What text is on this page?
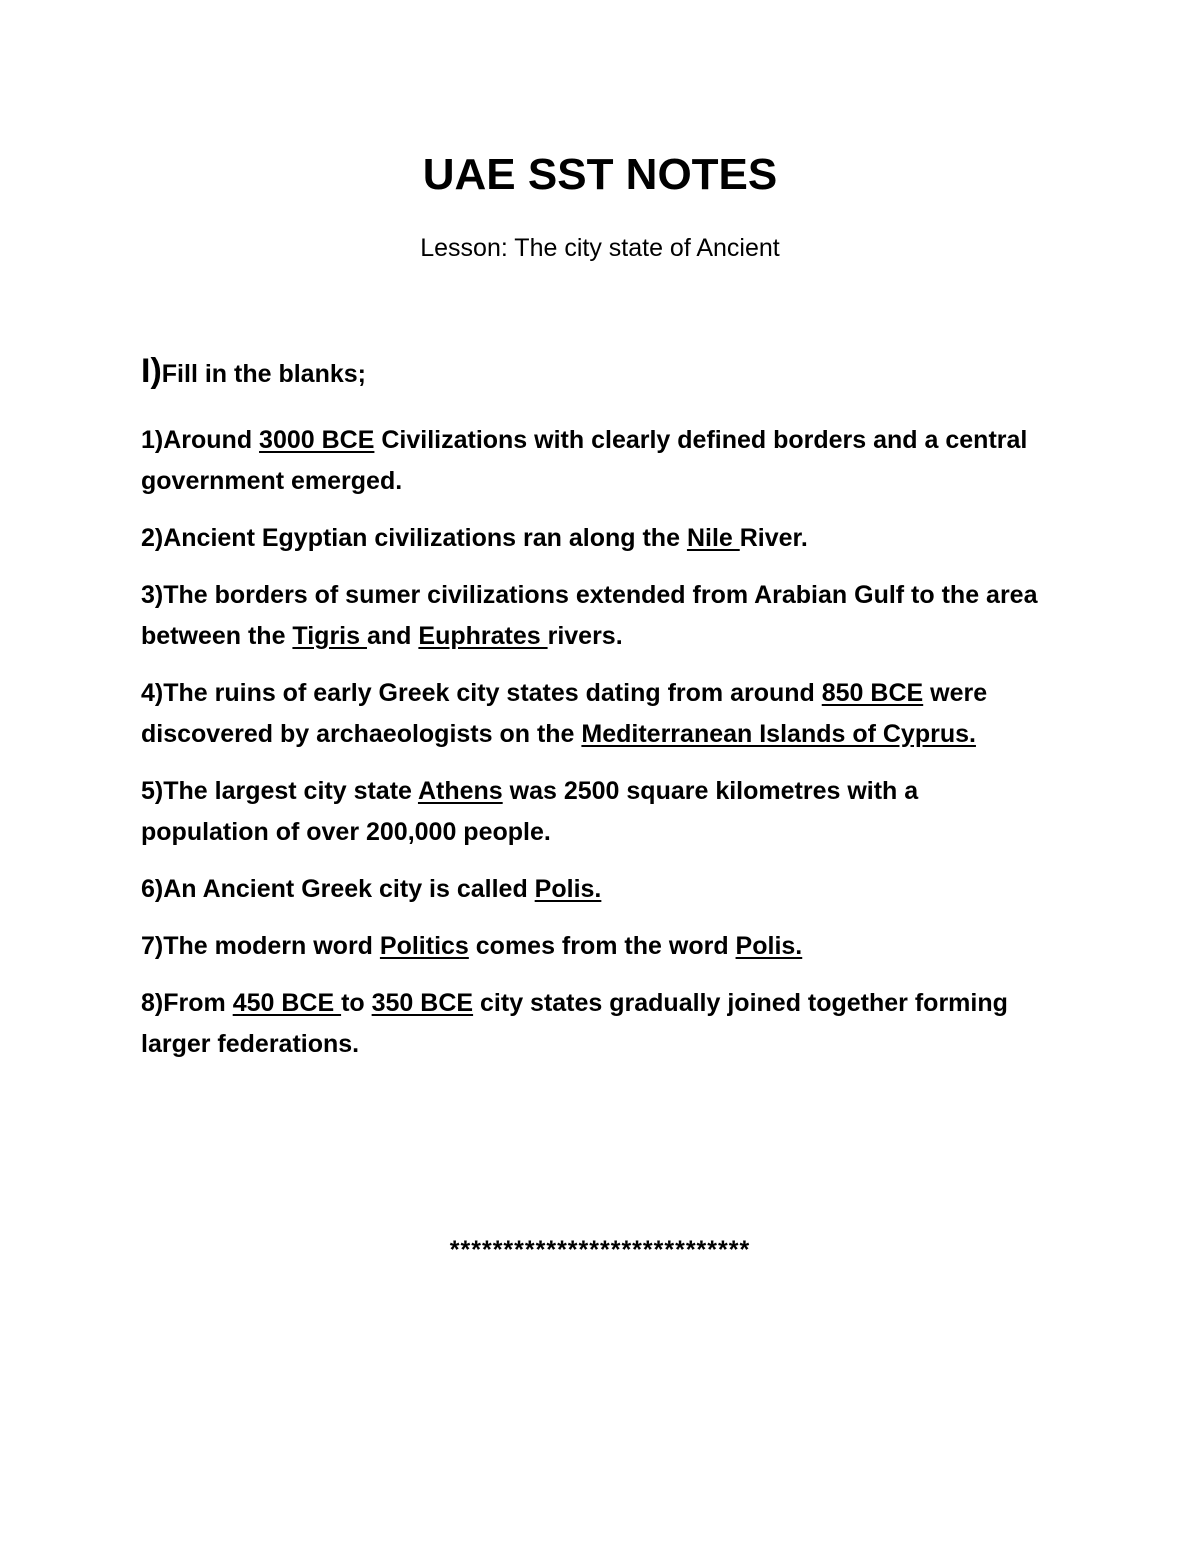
UAE SST NOTES
Lesson: The city state of Ancient
I)Fill in the blanks;

1)Around 3000 BCE Civilizations with clearly defined borders and a central government emerged.

2)Ancient Egyptian civilizations ran along the Nile River.

3)The borders of sumer civilizations extended from Arabian Gulf to the area between the Tigris and Euphrates rivers.

4)The ruins of early Greek city states dating from around 850 BCE were discovered by archaeologists on the Mediterranean Islands of Cyprus.

5)The largest city state Athens was 2500 square kilometres with a population of over 200,000 people.

6)An Ancient Greek city is called Polis.

7)The modern word Politics comes from the word Polis.

8)From 450 BCE to 350 BCE city states gradually joined together forming larger federations.

****************************
